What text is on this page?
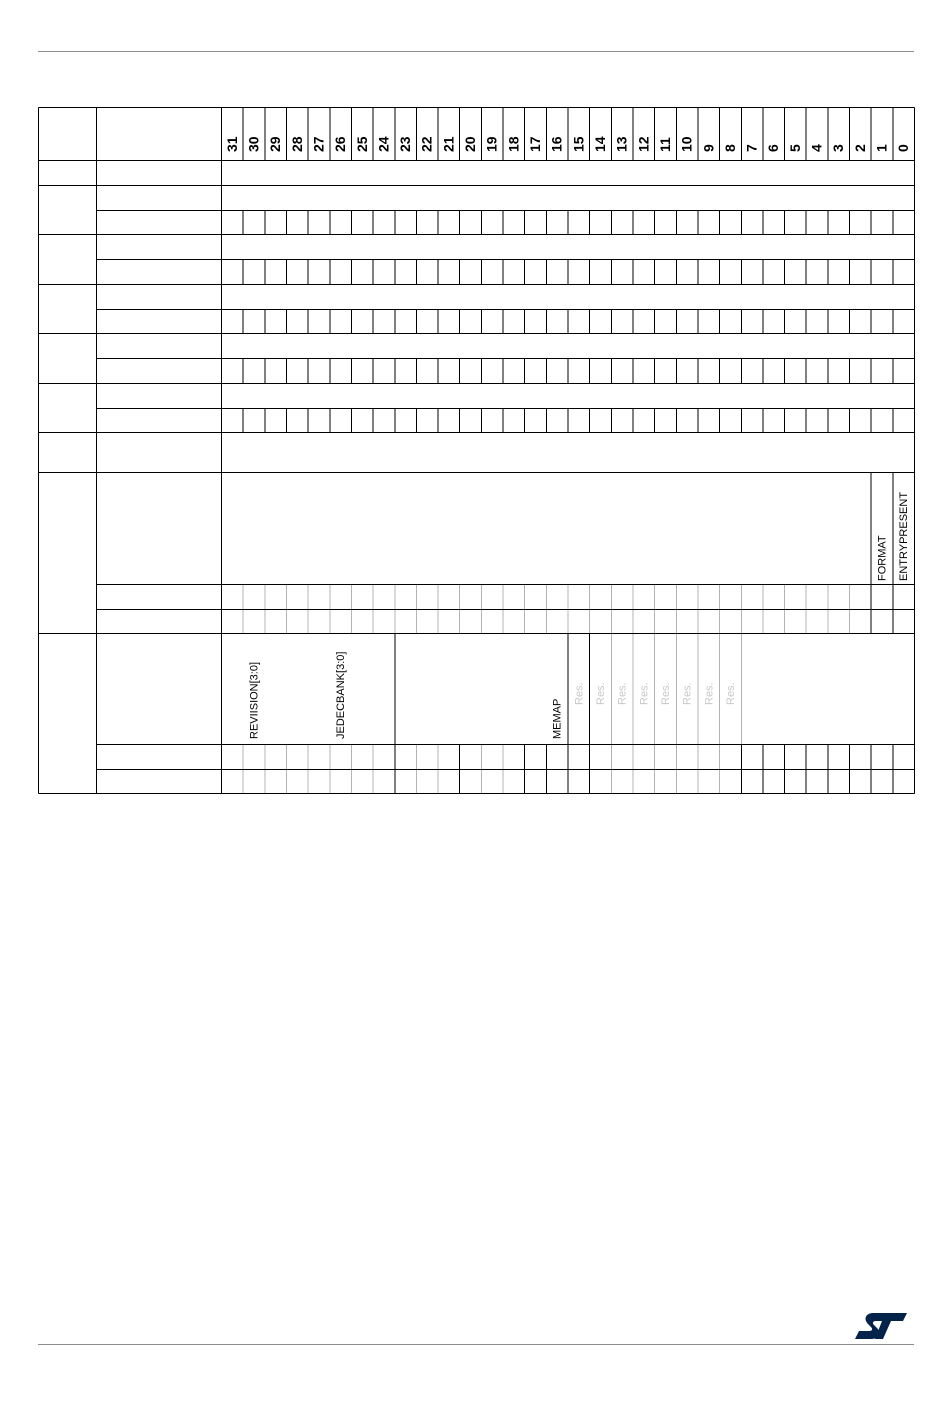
31 30 29 28 27 26 25 24 23 22 21 20 19 18 17 16 15 14 13 12 11 10 9 8 7 6 5 4 3 2 1 0
FORMAT ENTRYPRESENT
REVIISION[3:0]	JEDECBANK[3:0]	MEMAP
Res. Res. Res. Res. Res. Res. Res. Res.
